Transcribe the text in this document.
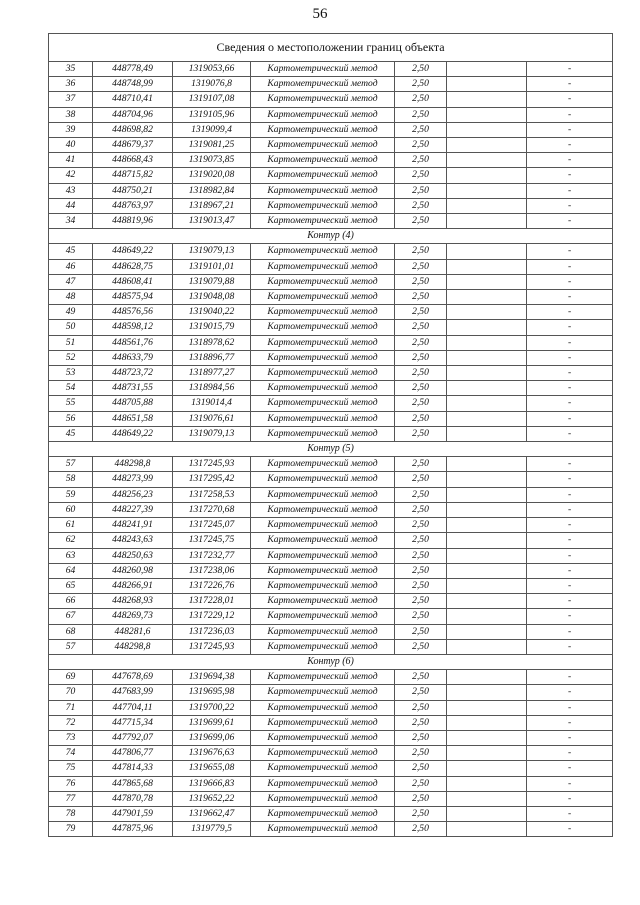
56
Сведения о местоположении границ объекта						
35	448778,49	1319053,66	Картометрический метод	2,50		-
36	448748,99	1319076,8	Картометрический метод	2,50		-
37	448710,41	1319107,08	Картометрический метод	2,50		-
38	448704,96	1319105,96	Картометрический метод	2,50		-
39	448698,82	1319099,4	Картометрический метод	2,50		-
40	448679,37	1319081,25	Картометрический метод	2,50		-
41	448668,43	1319073,85	Картометрический метод	2,50		-
42	448715,82	1319020,08	Картометрический метод	2,50		-
43	448750,21	1318982,84	Картометрический метод	2,50		-
44	448763,97	1318967,21	Картометрический метод	2,50		-
34	448819,96	1319013,47	Картометрический метод	2,50		-
Контур (4)						
45	448649,22	1319079,13	Картометрический метод	2,50		-
46	448628,75	1319101,01	Картометрический метод	2,50		-
47	448608,41	1319079,88	Картометрический метод	2,50		-
48	448575,94	1319048,08	Картометрический метод	2,50		-
49	448576,56	1319040,22	Картометрический метод	2,50		-
50	448598,12	1319015,79	Картометрический метод	2,50		-
51	448561,76	1318978,62	Картометрический метод	2,50		-
52	448633,79	1318896,77	Картометрический метод	2,50		-
53	448723,72	1318977,27	Картометрический метод	2,50		-
54	448731,55	1318984,56	Картометрический метод	2,50		-
55	448705,88	1319014,4	Картометрический метод	2,50		-
56	448651,58	1319076,61	Картометрический метод	2,50		-
45	448649,22	1319079,13	Картометрический метод	2,50		-
Контур (5)						
57	448298,8	1317245,93	Картометрический метод	2,50		-
58	448273,99	1317295,42	Картометрический метод	2,50		-
59	448256,23	1317258,53	Картометрический метод	2,50		-
60	448227,39	1317270,68	Картометрический метод	2,50		-
61	448241,91	1317245,07	Картометрический метод	2,50		-
62	448243,63	1317245,75	Картометрический метод	2,50		-
63	448250,63	1317232,77	Картометрический метод	2,50		-
64	448260,98	1317238,06	Картометрический метод	2,50		-
65	448266,91	1317226,76	Картометрический метод	2,50		-
66	448268,93	1317228,01	Картометрический метод	2,50		-
67	448269,73	1317229,12	Картометрический метод	2,50		-
68	448281,6	1317236,03	Картометрический метод	2,50		-
57	448298,8	1317245,93	Картометрический метод	2,50		-
Контур (6)						
69	447678,69	1319694,38	Картометрический метод	2,50		-
70	447683,99	1319695,98	Картометрический метод	2,50		-
71	447704,11	1319700,22	Картометрический метод	2,50		-
72	447715,34	1319699,61	Картометрический метод	2,50		-
73	447792,07	1319699,06	Картометрический метод	2,50		-
74	447806,77	1319676,63	Картометрический метод	2,50		-
75	447814,33	1319655,08	Картометрический метод	2,50		-
76	447865,68	1319666,83	Картометрический метод	2,50		-
77	447870,78	1319652,22	Картометрический метод	2,50		-
78	447901,59	1319662,47	Картометрический метод	2,50		-
79	447875,96	1319779,5	Картометрический метод	2,50		-
